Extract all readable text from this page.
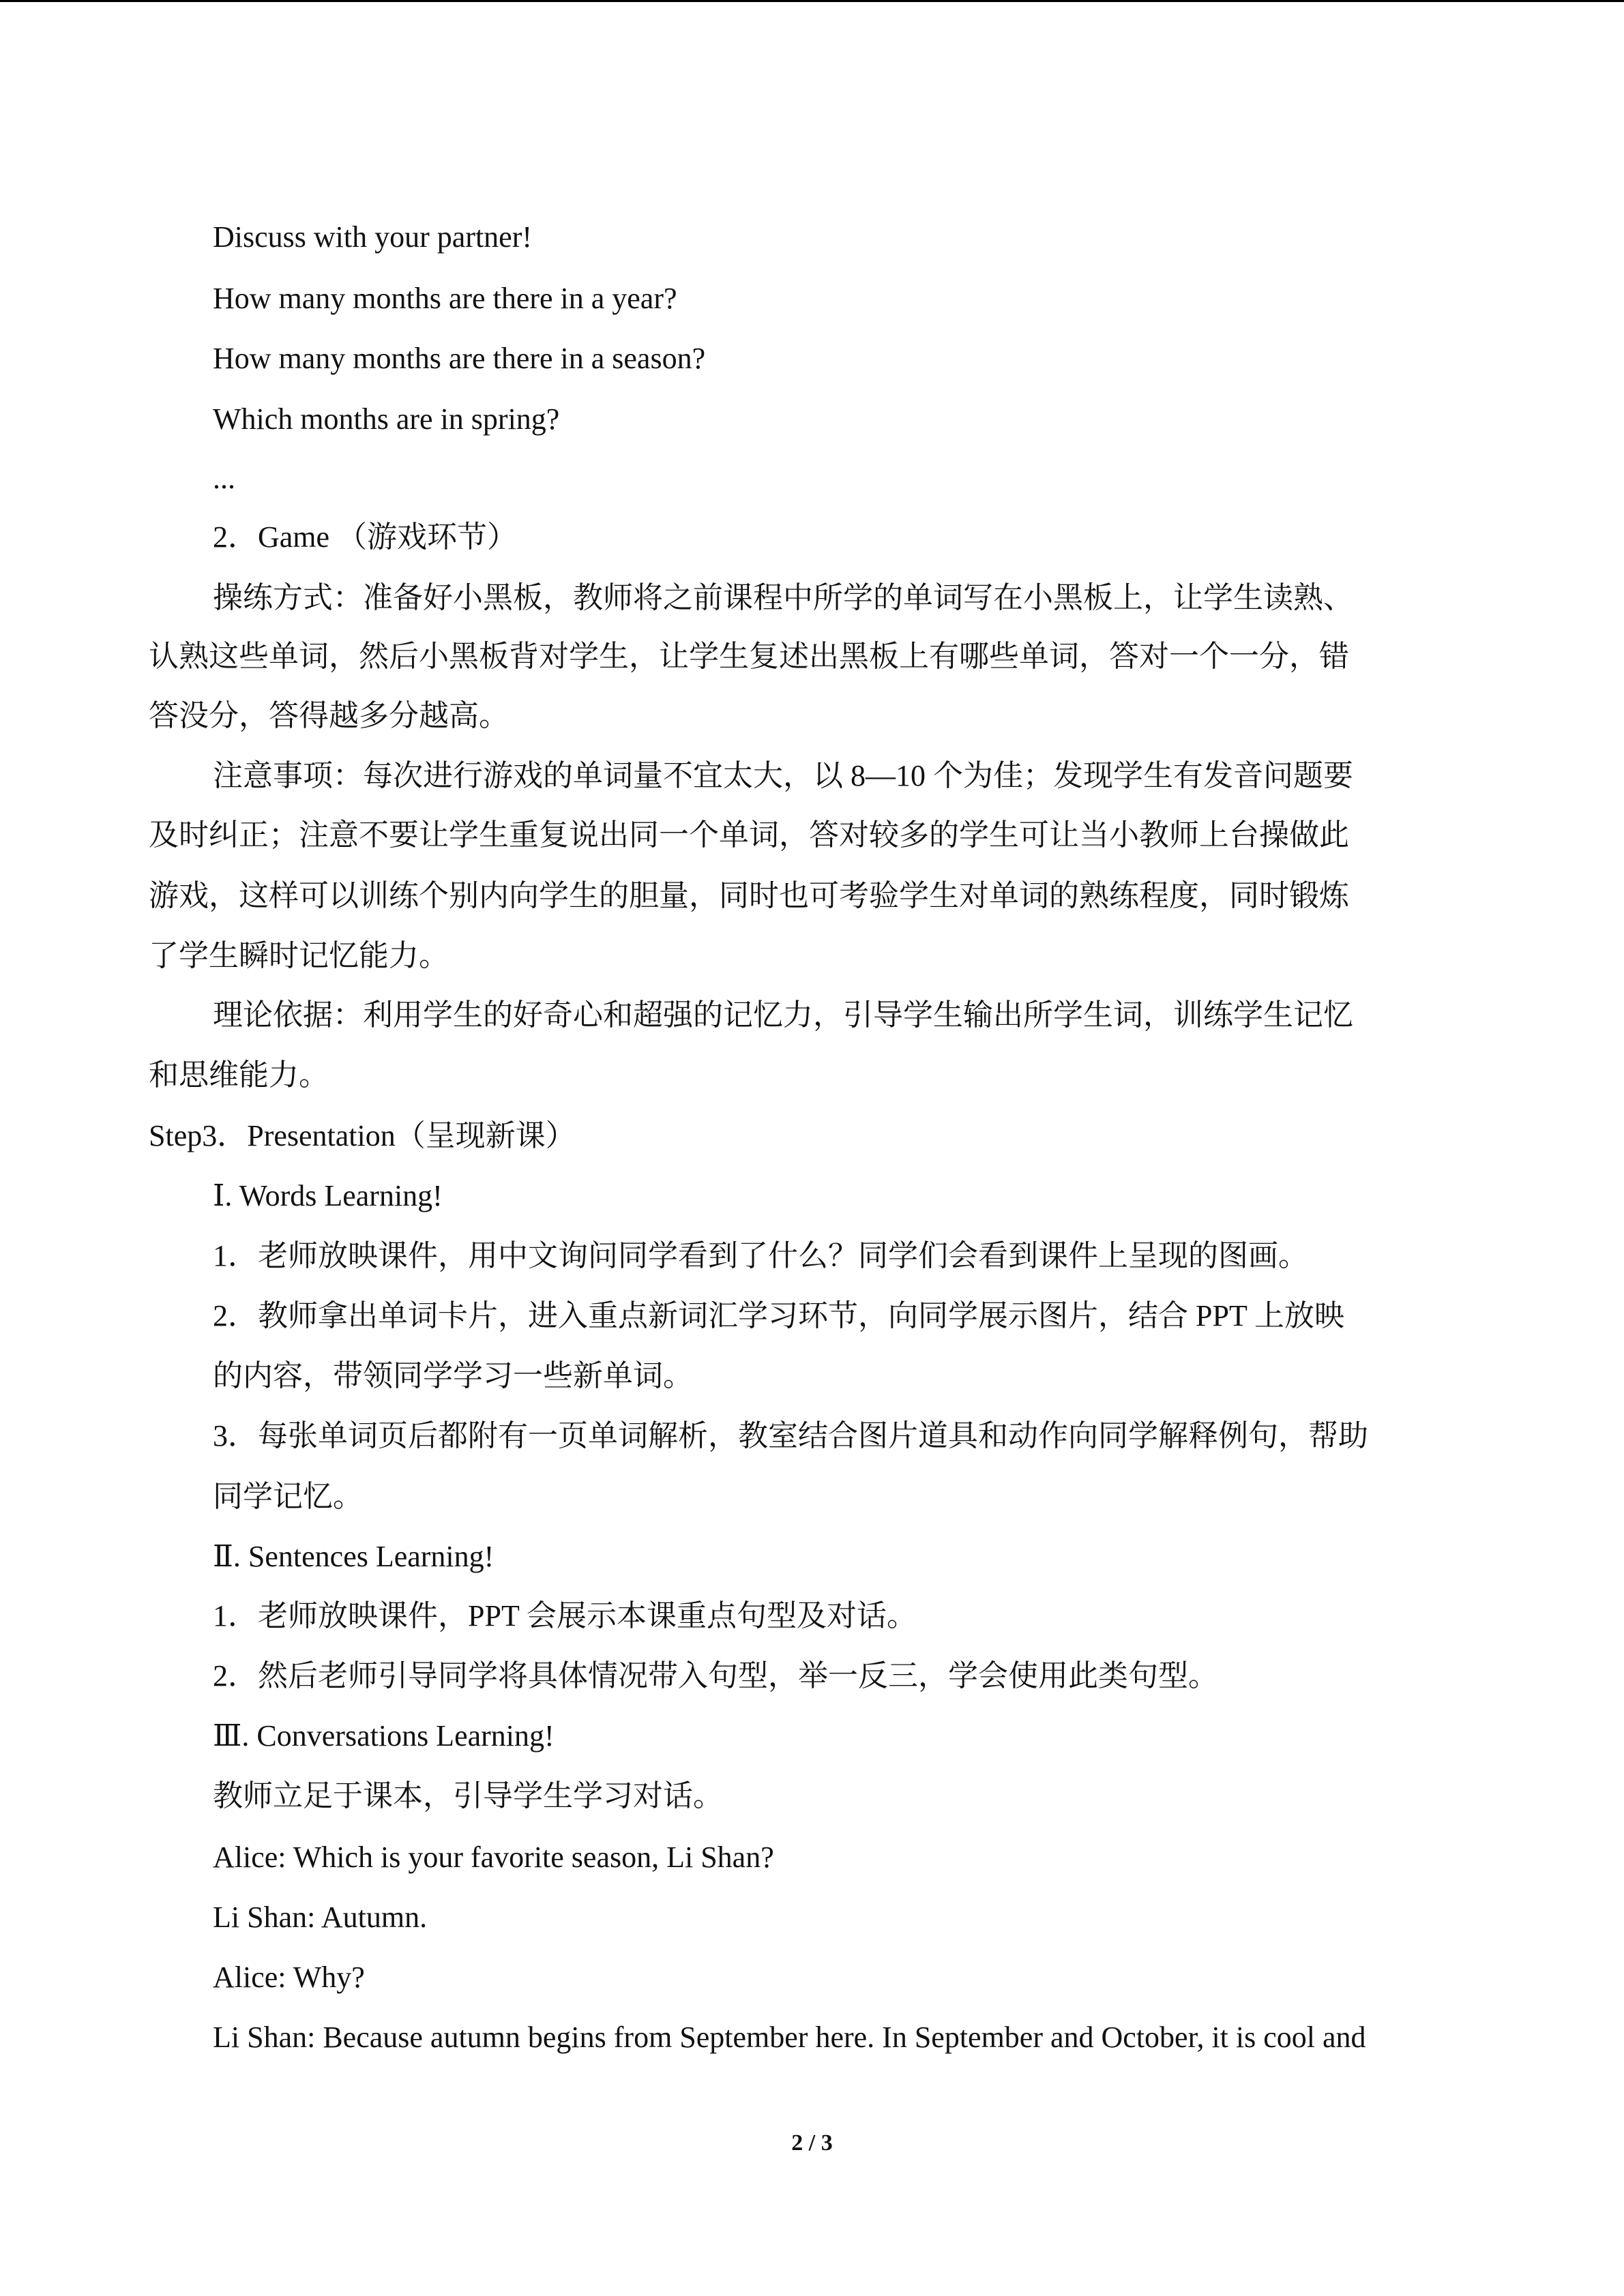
Discuss with your partner!
How many months are there in a year?
How many months are there in a season?
Which months are in spring?
...
2．Game （游戏环节）
操练方式：准备好小黑板，教师将之前课程中所学的单词写在小黑板上，让学生读熟、
认熟这些单词，然后小黑板背对学生，让学生复述出黑板上有哪些单词，答对一个一分，错
答没分，答得越多分越高。
注意事项：每次进行游戏的单词量不宜太大，以 8—10 个为佳；发现学生有发音问题要
及时纠正；注意不要让学生重复说出同一个单词，答对较多的学生可让当小教师上台操做此
游戏，这样可以训练个别内向学生的胆量，同时也可考验学生对单词的熟练程度，同时锻炼
了学生瞬时记忆能力。
理论依据：利用学生的好奇心和超强的记忆力，引导学生输出所学生词，训练学生记忆
和思维能力。
Step3．Presentation（呈现新课）
Ⅰ. Words Learning!
1．老师放映课件，用中文询问同学看到了什么？同学们会看到课件上呈现的图画。
2．教师拿出单词卡片，进入重点新词汇学习环节，向同学展示图片，结合 PPT 上放映
的内容，带领同学学习一些新单词。
3．每张单词页后都附有一页单词解析，教室结合图片道具和动作向同学解释例句，帮助
同学记忆。
Ⅱ. Sentences Learning!
1．老师放映课件，PPT 会展示本课重点句型及对话。
2．然后老师引导同学将具体情况带入句型，举一反三，学会使用此类句型。
Ⅲ. Conversations Learning!
教师立足于课本，引导学生学习对话。
Alice: Which is your favorite season, Li Shan?
Li Shan: Autumn.
Alice: Why?
Li Shan: Because autumn begins from September here. In September and October, it is cool and
2 / 3
